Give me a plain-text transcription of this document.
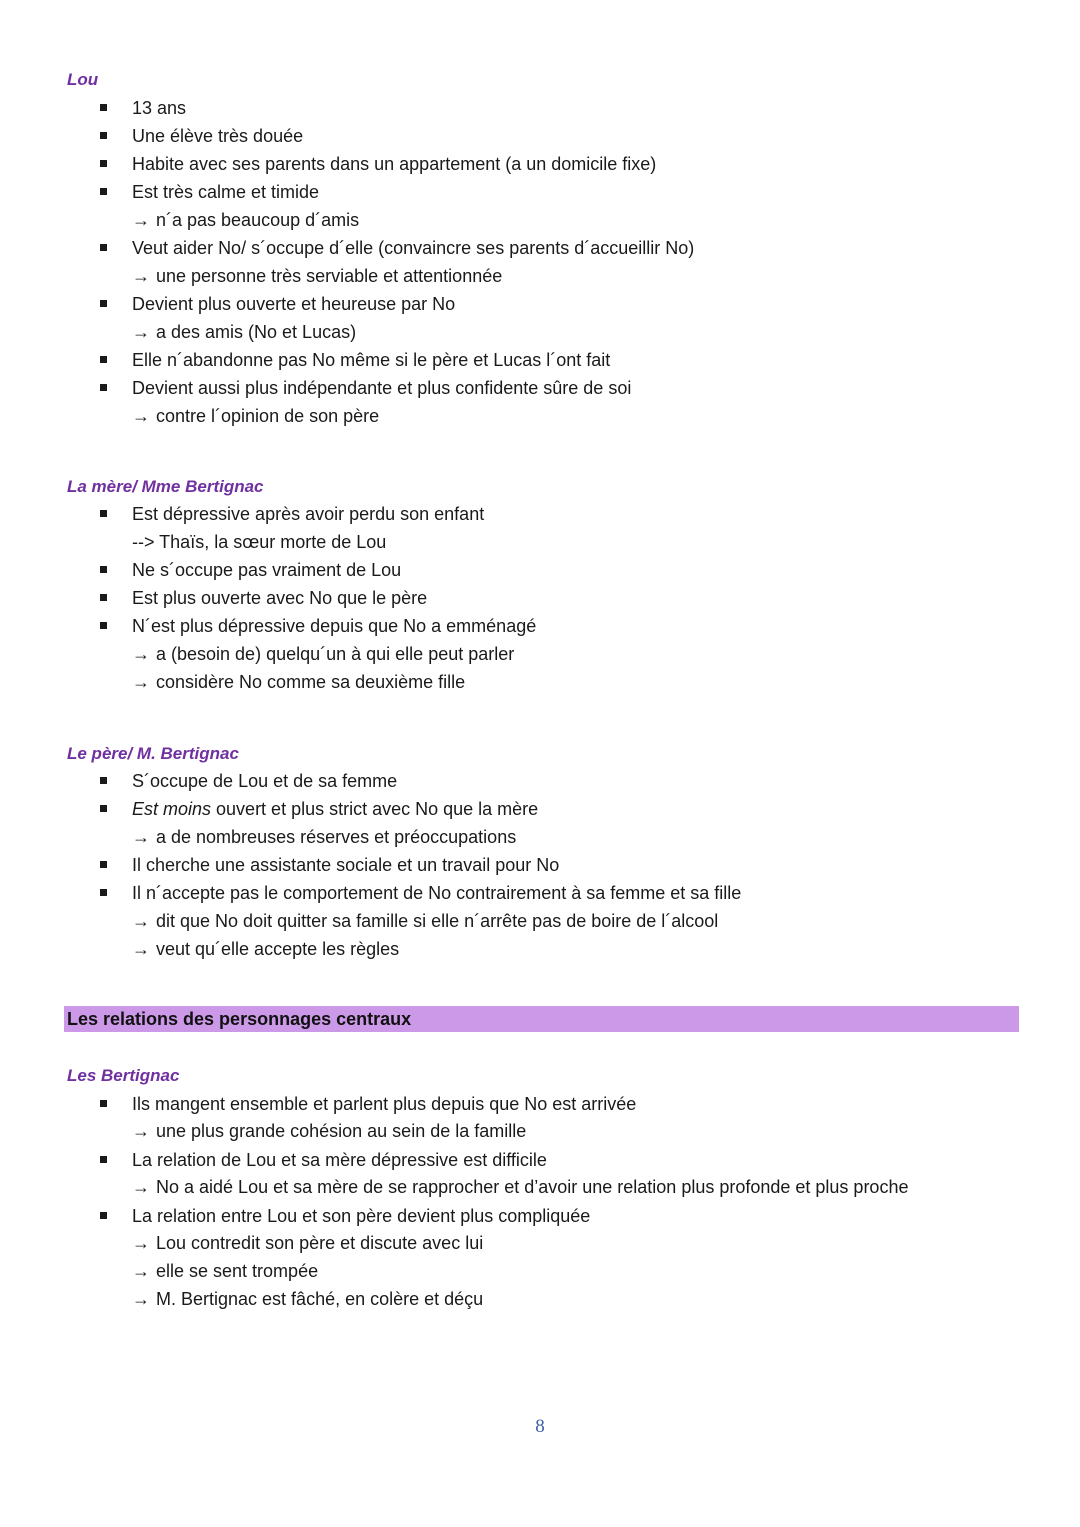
Lou
13 ans
Une élève très douée
Habite avec ses parents dans un appartement (a un domicile fixe)
Est très calme et timide
→ n´a pas beaucoup d´amis
Veut aider No/ s´occupe d´elle (convaincre ses parents d´accueillir No)
→ une personne très serviable et attentionnée
Devient plus ouverte et heureuse par No
→ a des amis (No et Lucas)
Elle n´abandonne pas No même si le père et Lucas l´ont fait
Devient aussi plus indépendante et plus confidente sûre de soi
→ contre l´opinion de son père
La mère/ Mme Bertignac
Est dépressive après avoir perdu son enfant
--> Thaïs, la sœur morte de Lou
Ne s´occupe pas vraiment de Lou
Est plus ouverte avec No que le père
N´est plus dépressive depuis que No a emménagé
→ a (besoin de) quelqu´un à qui elle peut parler
→ considère No comme sa deuxième fille
Le père/ M. Bertignac
S´occupe de Lou et de sa femme
Est moins ouvert et plus strict avec No que la mère
→ a de nombreuses réserves et préoccupations
Il cherche une assistante sociale et un travail pour No
Il n´accepte pas le comportement de No contrairement à sa femme et sa fille
→ dit que No doit quitter sa famille si elle n´arrête pas de boire de l´alcool
→ veut qu´elle accepte les règles
Les relations des personnages centraux
Les Bertignac
Ils mangent ensemble et parlent plus depuis que No est arrivée
→ une plus grande cohésion au sein de la famille
La relation de Lou et sa mère dépressive est difficile
→ No a aidé Lou et sa mère de se rapprocher et d’avoir une relation plus profonde et plus proche
La relation entre Lou et son père devient plus compliquée
→ Lou contredit son père et discute avec lui
→ elle se sent trompée
→ M. Bertignac est fâché, en colère et déçu
8
